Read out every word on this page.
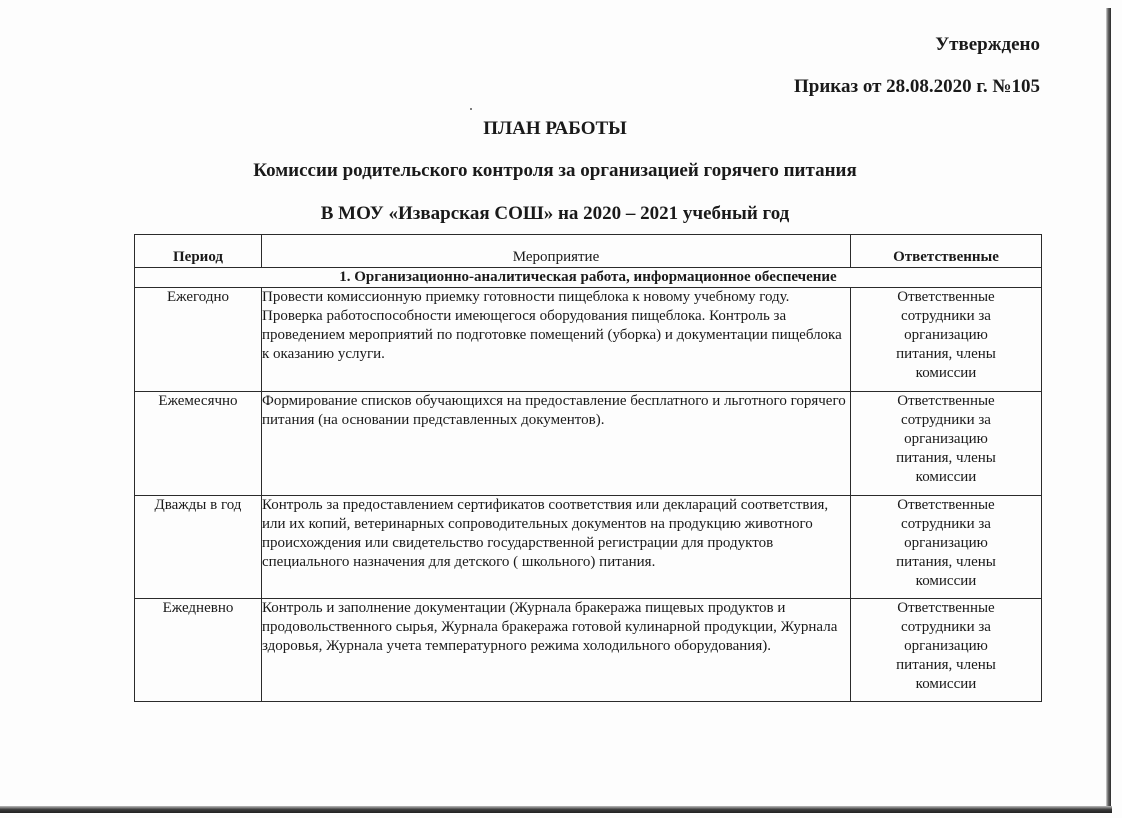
Утверждено
Приказ от 28.08.2020 г. №105
ПЛАН РАБОТЫ
Комиссии родительского контроля за организацией горячего питания
В МОУ «Изварская СОШ» на 2020 – 2021 учебный год
Период	Мероприятие	Ответственные
1. Организационно-аналитическая работа, информационное обеспечение		
Ежегодно	Провести комиссионную приемку готовности пищеблока к новому учебному году. Проверка работоспособности имеющегося оборудования пищеблока. Контроль за проведением мероприятий по подготовке помещений (уборка) и документации пищеблока к оказанию услуги.	Ответственные сотрудники за организацию питания, члены комиссии

Ежемесячно	Формирование списков обучающихся на предоставление бесплатного и льготного горячего питания (на основании представленных документов).	Ответственные сотрудники за организацию питания, члены комиссии

Дважды в год	Контроль за предоставлением сертификатов соответствия или деклараций соответствия, или их копий, ветеринарных сопроводительных документов на продукцию животного происхождения или свидетельство государственной регистрации для продуктов специального назначения для детского ( школьного) питания.	Ответственные сотрудники за организацию питания, члены комиссии

Ежедневно	Контроль и заполнение документации (Журнала бракеража пищевых продуктов и продовольственного сырья, Журнала бракеража готовой кулинарной продукции, Журнала здоровья, Журнала учета температурного режима холодильного оборудования).	Ответственные сотрудники за организацию питания, члены комиссии
